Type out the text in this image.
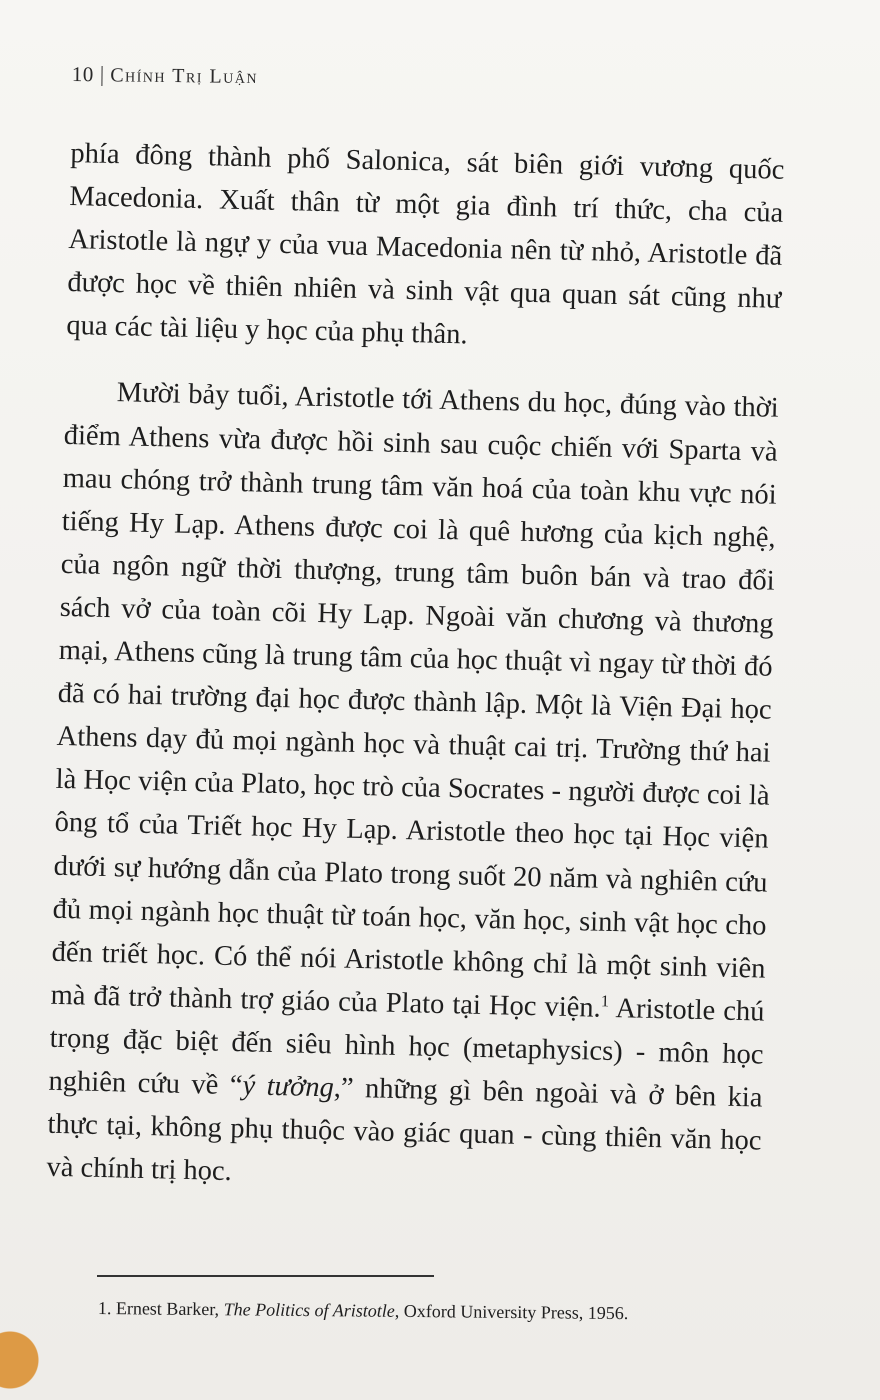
10 | Chính Trị Luận

phía đông thành phố Salonica, sát biên giới vương quốc Macedonia. Xuất thân từ một gia đình trí thức, cha của Aristotle là ngự y của vua Macedonia nên từ nhỏ, Aristotle đã được học về thiên nhiên và sinh vật qua quan sát cũng như qua các tài liệu y học của phụ thân.

Mười bảy tuổi, Aristotle tới Athens du học, đúng vào thời điểm Athens vừa được hồi sinh sau cuộc chiến với Sparta và mau chóng trở thành trung tâm văn hoá của toàn khu vực nói tiếng Hy Lạp. Athens được coi là quê hương của kịch nghệ, của ngôn ngữ thời thượng, trung tâm buôn bán và trao đổi sách vở của toàn cõi Hy Lạp. Ngoài văn chương và thương mại, Athens cũng là trung tâm của học thuật vì ngay từ thời đó đã có hai trường đại học được thành lập. Một là Viện Đại học Athens dạy đủ mọi ngành học và thuật cai trị. Trường thứ hai là Học viện của Plato, học trò của Socrates - người được coi là ông tổ của Triết học Hy Lạp. Aristotle theo học tại Học viện dưới sự hướng dẫn của Plato trong suốt 20 năm và nghiên cứu đủ mọi ngành học thuật từ toán học, văn học, sinh vật học cho đến triết học. Có thể nói Aristotle không chỉ là một sinh viên mà đã trở thành trợ giáo của Plato tại Học viện.$^1$ Aristotle chú trọng đặc biệt đến siêu hình học (metaphysics) - môn học nghiên cứu về “ý tưởng,” những gì bên ngoài và ở bên kia thực tại, không phụ thuộc vào giác quan - cùng thiên văn học và chính trị học.

1. Ernest Barker, The Politics of Aristotle, Oxford University Press, 1956.
